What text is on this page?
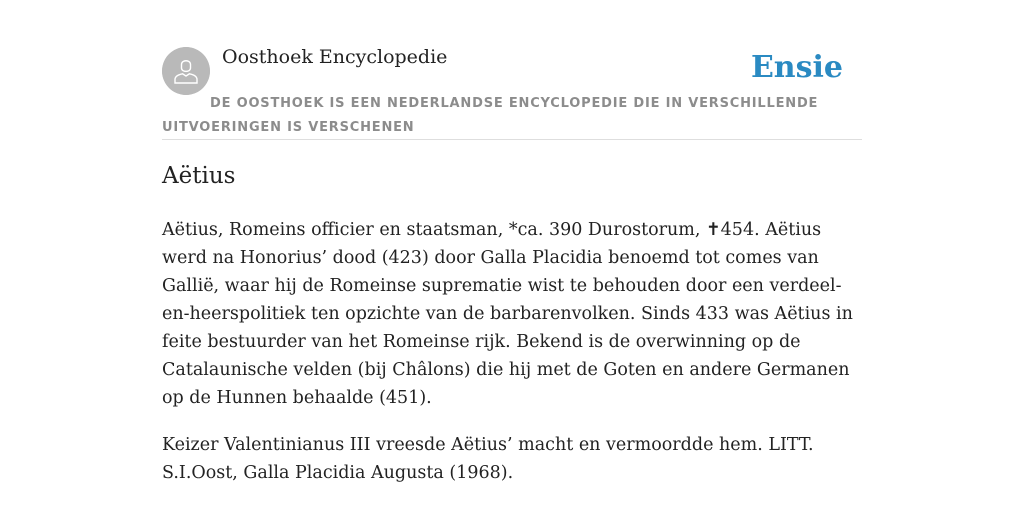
Oosthoek Encyclopedie	Ensie
DE OOSTHOEK IS EEN NEDERLANDSE ENCYCLOPEDIE DIE IN VERSCHILLENDE UITVOERINGEN IS VERSCHENEN
Aëtius

Aëtius, Romeins officier en staatsman, *ca. 390 Durostorum, ✝454. Aëtius werd na Honorius’ dood (423) door Galla Placidia benoemd tot comes van Gallië, waar hij de Romeinse suprematie wist te behouden door een verdeel-en-heerspolitiek ten opzichte van de barbarenvolken. Sinds 433 was Aëtius in feite bestuurder van het Romeinse rijk. Bekend is de overwinning op de Catalaunische velden (bij Châlons) die hij met de Goten en andere Germanen op de Hunnen behaalde (451).

Keizer Valentinianus III vreesde Aëtius’ macht en vermoordde hem. LITT. S.I.Oost, Galla Placidia Augusta (1968).
